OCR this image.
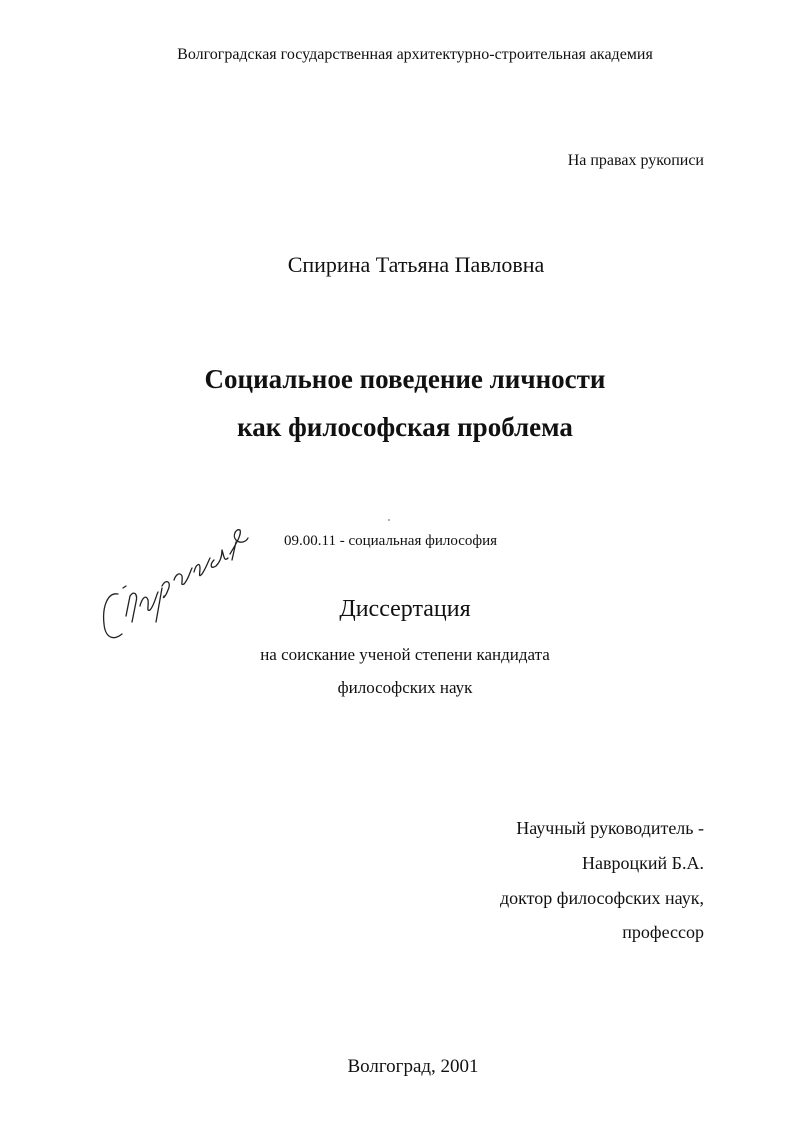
Волгоградская государственная архитектурно-строительная академия
На правах рукописи
Спирина Татьяна Павловна
Социальное поведение личности
как философская проблема
Спирина
09.00.11 - социальная философия
Диссертация
на соискание ученой степени кандидата
философских наук
Научный руководитель -
Навроцкий Б.А.
доктор философских наук,
профессор
Волгоград, 2001
